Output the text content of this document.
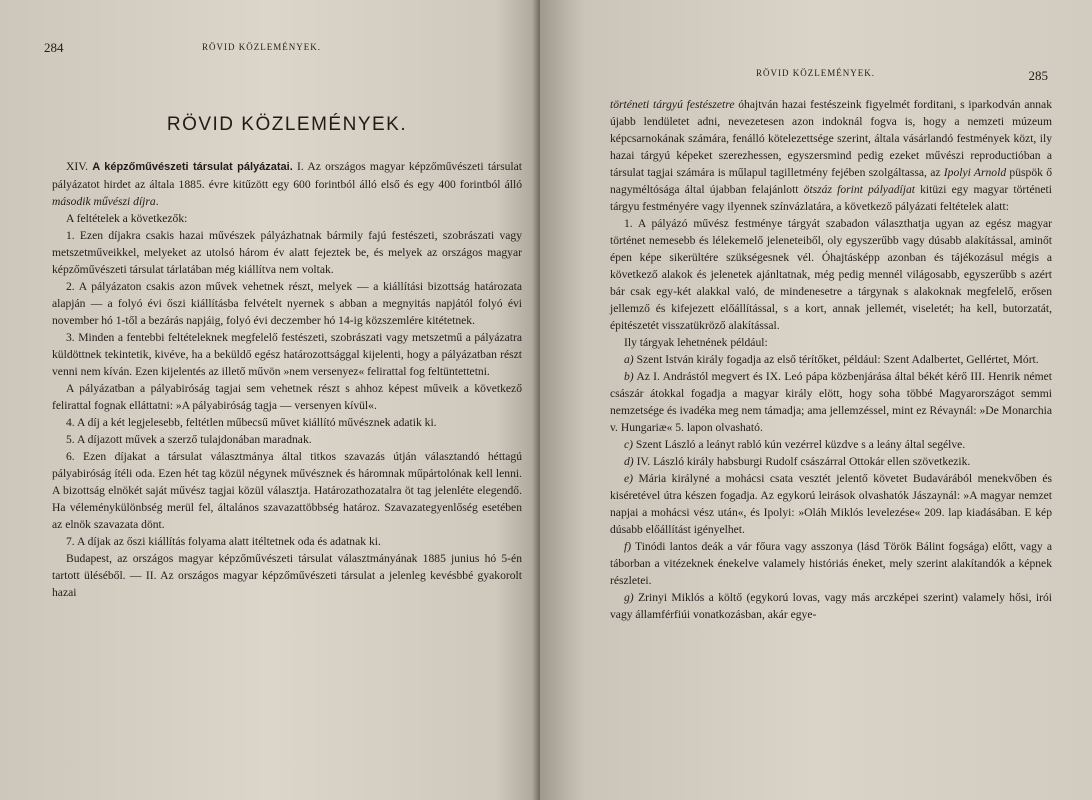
284	RÖVID KÖZLEMÉNYEK.
RÖVID KÖZLEMÉNYEK.

XIV. A képzőművészeti társulat pályázatai. I. Az országos magyar képzőművészeti társulat pályázatot hirdet az általa 1885. évre kitűzött egy 600 forintból álló első és egy 400 forintból álló második művészi díjra.

A feltételek a következők:

1. Ezen díjakra csakis hazai művészek pályázhatnak bármily fajú festészeti, szobrászati vagy metszetműveikkel, melyeket az utolsó három év alatt fejeztek be, és melyek az országos magyar képzőművészeti társulat tárlatában még kiállítva nem voltak.

2. A pályázaton csakis azon művek vehetnek részt, melyek — a kiállítási bizottság határozata alapján — a folyó évi őszi kiállításba felvételt nyernek s abban a megnyitás napjától folyó évi november hó 1-től a bezárás napjáig, folyó évi deczember hó 14-ig közszemlére kitétetnek.

3. Minden a fentebbi feltételeknek megfelelő festészeti, szobrászati vagy metszetmű a pályázatra küldöttnek tekintetik, kivéve, ha a beküldő egész határozottsággal kijelenti, hogy a pályázatban részt venni nem kíván. Ezen kijelentés az illető művön »nem versenyez« felirattal fog feltüntettetni.

A pályázatban a pályabiróság tagjai sem vehetnek részt s ahhoz képest műveik a következő felirattal fognak elláttatni: »A pályabiróság tagja — versenyen kívül«.

4. A díj a két legjelesebb, feltétlen műbecsű művet kiállító művésznek adatik ki.

5. A díjazott művek a szerző tulajdonában maradnak.

6. Ezen díjakat a társulat választmánya által titkos szavazás útján választandó héttagú pályabiróság ítéli oda. Ezen hét tag közül négynek művésznek és háromnak műpártolónak kell lenni. A bizottság elnökét saját művész tagjai közül választja. Határozathozatalra öt tag jelenléte elegendő. Ha véleménykülönbség merül fel, általános szavazattöbbség határoz. Szavazategyenlőség esetében az elnök szavazata dönt.

7. A díjak az őszi kiállítás folyama alatt itéltetnek oda és adatnak ki.

Budapest, az országos magyar képzőművészeti társulat választmányának 1885 junius hó 5-én tartott üléséből. — II. Az országos magyar képzőművészeti társulat a jelenleg kevésbbé gyakorolt hazai

RÖVID KÖZLEMÉNYEK.	285

történeti tárgyú festészetre óhajtván hazai festészeink figyelmét forditani, s iparkodván annak újabb lendületet adni, nevezetesen azon indoknál fogva is, hogy a nemzeti múzeum képcsarnokának számára, fenálló kötelezettsége szerint, általa vásárlandó festmények közt, ily hazai tárgyú képeket szerezhessen, egyszersmind pedig ezeket művészi reproductióban a társulat tagjai számára is műlapul tagilletmény fejében szolgáltassa, az Ipolyi Arnold püspök ő nagyméltósága által újabban felajánlott ötszáz forint pályadíjat kitüzi egy magyar történeti tárgyu festményére vagy ilyennek színvázlatára, a következő pályázati feltételek alatt:

1. A pályázó művész festménye tárgyát szabadon választhatja ugyan az egész magyar történet nemesebb és lélekemelő jeleneteiből, oly egyszerűbb vagy dúsabb alakítással, aminőt épen képe sikerültére szükségesnek vél. Óhajtásképp azonban és tájékozásul mégis a következő alakok és jelenetek ajánltatnak, még pedig mennél világosabb, egyszerűbb s azért bár csak egy-két alakkal való, de mindenesetre a tárgynak s alakoknak megfelelő, erősen jellemző és kifejezett előállítással, s a kort, annak jellemét, viseletét; ha kell, butorzatát, épitészetét visszatükröző alakítással.

Ily tárgyak lehetnének például:

a) Szent István király fogadja az első térítőket, például: Szent Adalbertet, Gellértet, Mórt.

b) Az I. Andrástól megvert és IX. Leó pápa közbenjárása által békét kérő III. Henrik német császár átokkal fogadja a magyar király elött, hogy soha többé Magyarországot semmi nemzetsége és ivadéka meg nem támadja; ama jellemzéssel, mint ez Révaynál: »De Monarchia v. Hungariæ« 5. lapon olvasható.

c) Szent László a leányt rabló kún vezérrel küzdve s a leány által segélve.

d) IV. László király habsburgi Rudolf császárral Ottokár ellen szövetkezik.

e) Mária királyné a mohácsi csata vesztét jelentő követet Budavárából menekvőben és kiséretével útra készen fogadja. Az egykorú leirások olvashatók Jászaynál: »A magyar nemzet napjai a mohácsi vész után«, és Ipolyi: »Oláh Miklós levelezése« 209. lap kiadásában. E kép dúsabb előállítást igényelhet.

f) Tinódi lantos deák a vár főura vagy asszonya (lásd Török Bálint fogsága) előtt, vagy a táborban a vitézeknek énekelve valamely históriás éneket, mely szerint alakítandók a képnek részletei.

g) Zrinyi Miklós a költő (egykorú lovas, vagy más arczképei szerint) valamely hősi, irói vagy államférfiúi vonatkozásban, akár egye-
